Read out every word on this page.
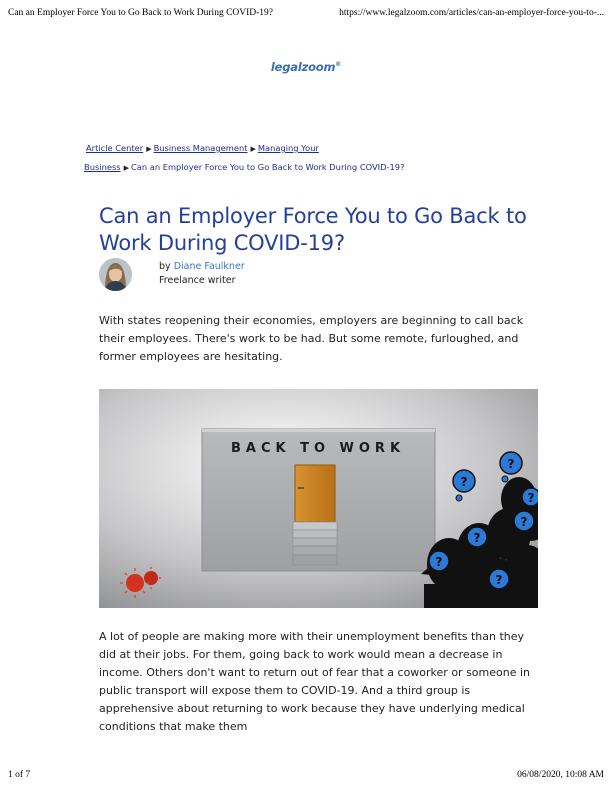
Can an Employer Force You to Go Back to Work During COVID-19?	https://www.legalzoom.com/articles/can-an-employer-force-you-to-...
legalzoom®
Article Center ▶ Business Management ▶ Managing Your
Business ▶ Can an Employer Force You to Go Back to Work During COVID-19?
Can an Employer Force You to Go Back to Work During COVID-19?
by Diane Faulkner
Freelance writer

With states reopening their economies, employers are beginning to call back their employees. There's work to be had. But some remote, furloughed, and former employees are hesitating.

BACK TO WORK
?
?
?
?
?
?
?

A lot of people are making more with their unemployment benefits than they did at their jobs. For them, going back to work would mean a decrease in income. Others don't want to return out of fear that a coworker or someone in public transport will expose them to COVID-19. And a third group is apprehensive about returning to work because they have underlying medical conditions that make them

1 of 7	06/08/2020, 10:08 AM
